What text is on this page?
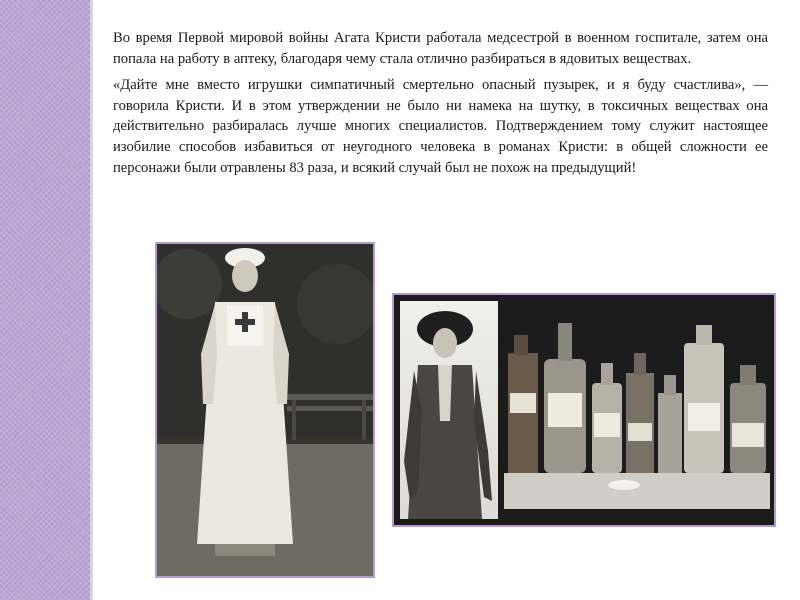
Во время Первой мировой войны Агата Кристи работала медсестрой в военном госпитале, затем она попала на работу в аптеку, благодаря чему стала отлично разбираться в ядовитых веществах.

«Дайте мне вместо игрушки симпатичный смертельно опасный пузырек, и я буду счастлива», — говорила Кристи. И в этом утверждении не было ни намека на шутку, в токсичных веществах она действительно разбиралась лучше многих специалистов. Подтверждением тому служит настоящее изобилие способов избавиться от неугодного человека в романах Кристи: в общей сложности ее персонажи были отравлены 83 раза, и всякий случай был не похож на предыдущий!
